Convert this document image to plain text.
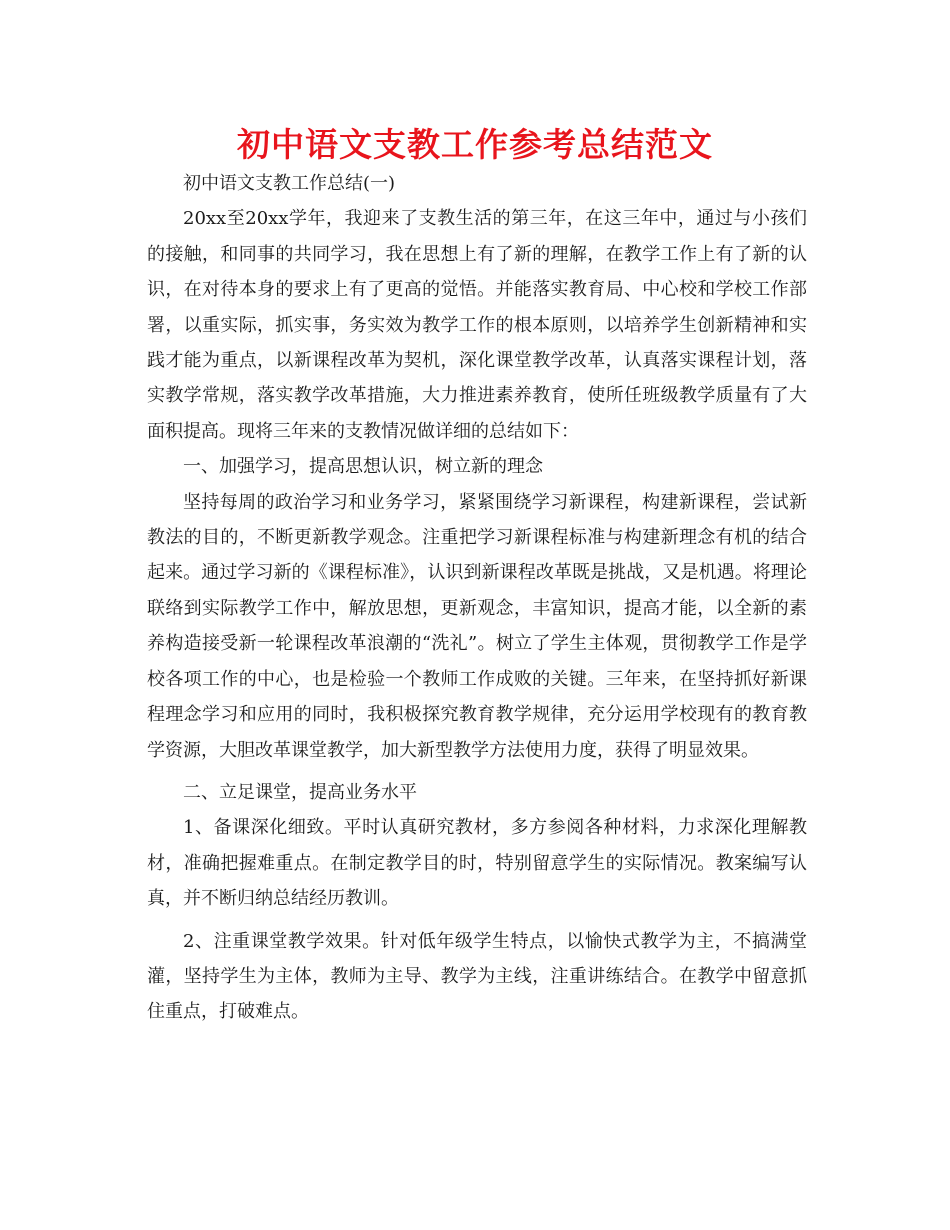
初中语文支教工作参考总结范文

初中语文支教工作总结(一)

20xx至20xx学年，我迎来了支教生活的第三年，在这三年中，通过与小孩们的接触，和同事的共同学习，我在思想上有了新的理解，在教学工作上有了新的认识，在对待本身的要求上有了更高的觉悟。并能落实教育局、中心校和学校工作部署，以重实际，抓实事，务实效为教学工作的根本原则，以培养学生创新精神和实践才能为重点，以新课程改革为契机，深化课堂教学改革，认真落实课程计划，落实教学常规，落实教学改革措施，大力推进素养教育，使所任班级教学质量有了大面积提高。现将三年来的支教情况做详细的总结如下：

一、加强学习，提高思想认识，树立新的理念

坚持每周的政治学习和业务学习，紧紧围绕学习新课程，构建新课程，尝试新教法的目的，不断更新教学观念。注重把学习新课程标准与构建新理念有机的结合起来。通过学习新的《课程标准》，认识到新课程改革既是挑战，又是机遇。将理论联络到实际教学工作中，解放思想，更新观念，丰富知识，提高才能，以全新的素养构造接受新一轮课程改革浪潮的“洗礼”。树立了学生主体观，贯彻教学工作是学校各项工作的中心，也是检验一个教师工作成败的关键。三年来，在坚持抓好新课程理念学习和应用的同时，我积极探究教育教学规律，充分运用学校现有的教育教学资源，大胆改革课堂教学，加大新型教学方法使用力度，获得了明显效果。

二、立足课堂，提高业务水平

1、备课深化细致。平时认真研究教材，多方参阅各种材料，力求深化理解教材，准确把握难重点。在制定教学目的时，特别留意学生的实际情况。教案编写认真，并不断归纳总结经历教训。

2、注重课堂教学效果。针对低年级学生特点，以愉快式教学为主，不搞满堂灌，坚持学生为主体，教师为主导、教学为主线，注重讲练结合。在教学中留意抓住重点，打破难点。
